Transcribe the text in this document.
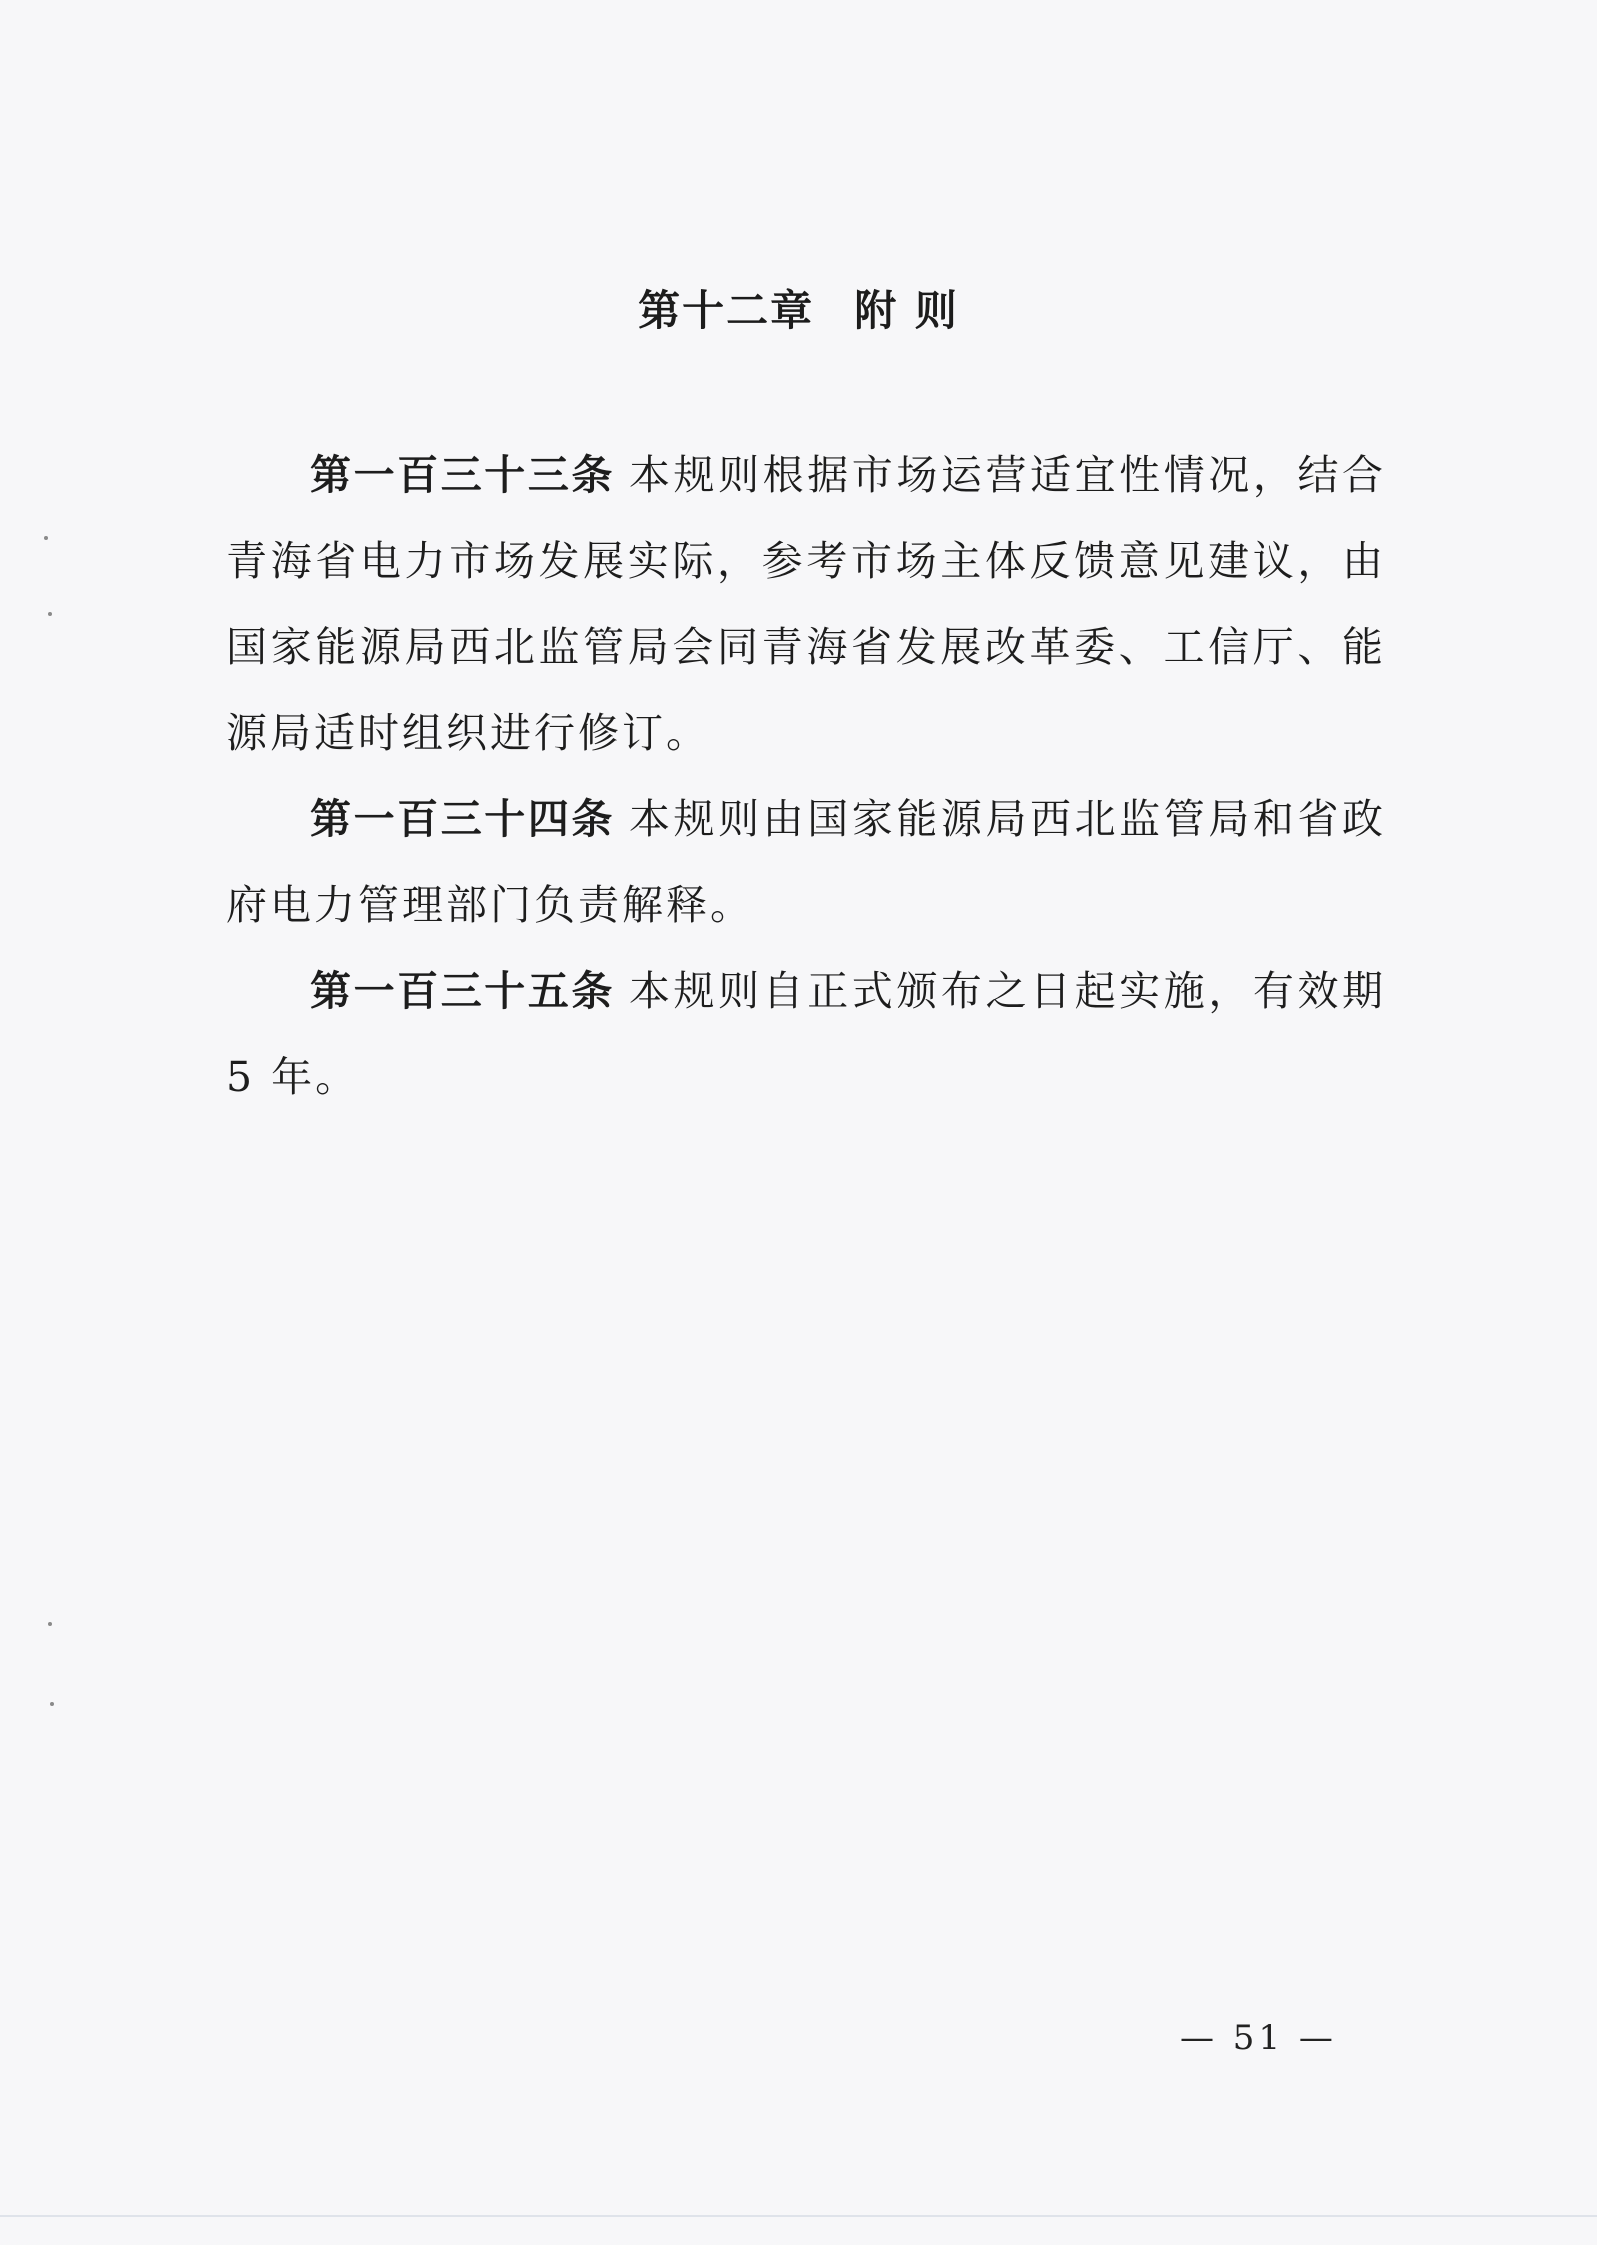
第十二章 附 则

第一百三十三条 本规则根据市场运营适宜性情况，结合青海省电力市场发展实际，参考市场主体反馈意见建议，由国家能源局西北监管局会同青海省发展改革委、工信厅、能源局适时组织进行修订。

第一百三十四条 本规则由国家能源局西北监管局和省政府电力管理部门负责解释。

第一百三十五条 本规则自正式颁布之日起实施，有效期 5 年。

— 51 —
